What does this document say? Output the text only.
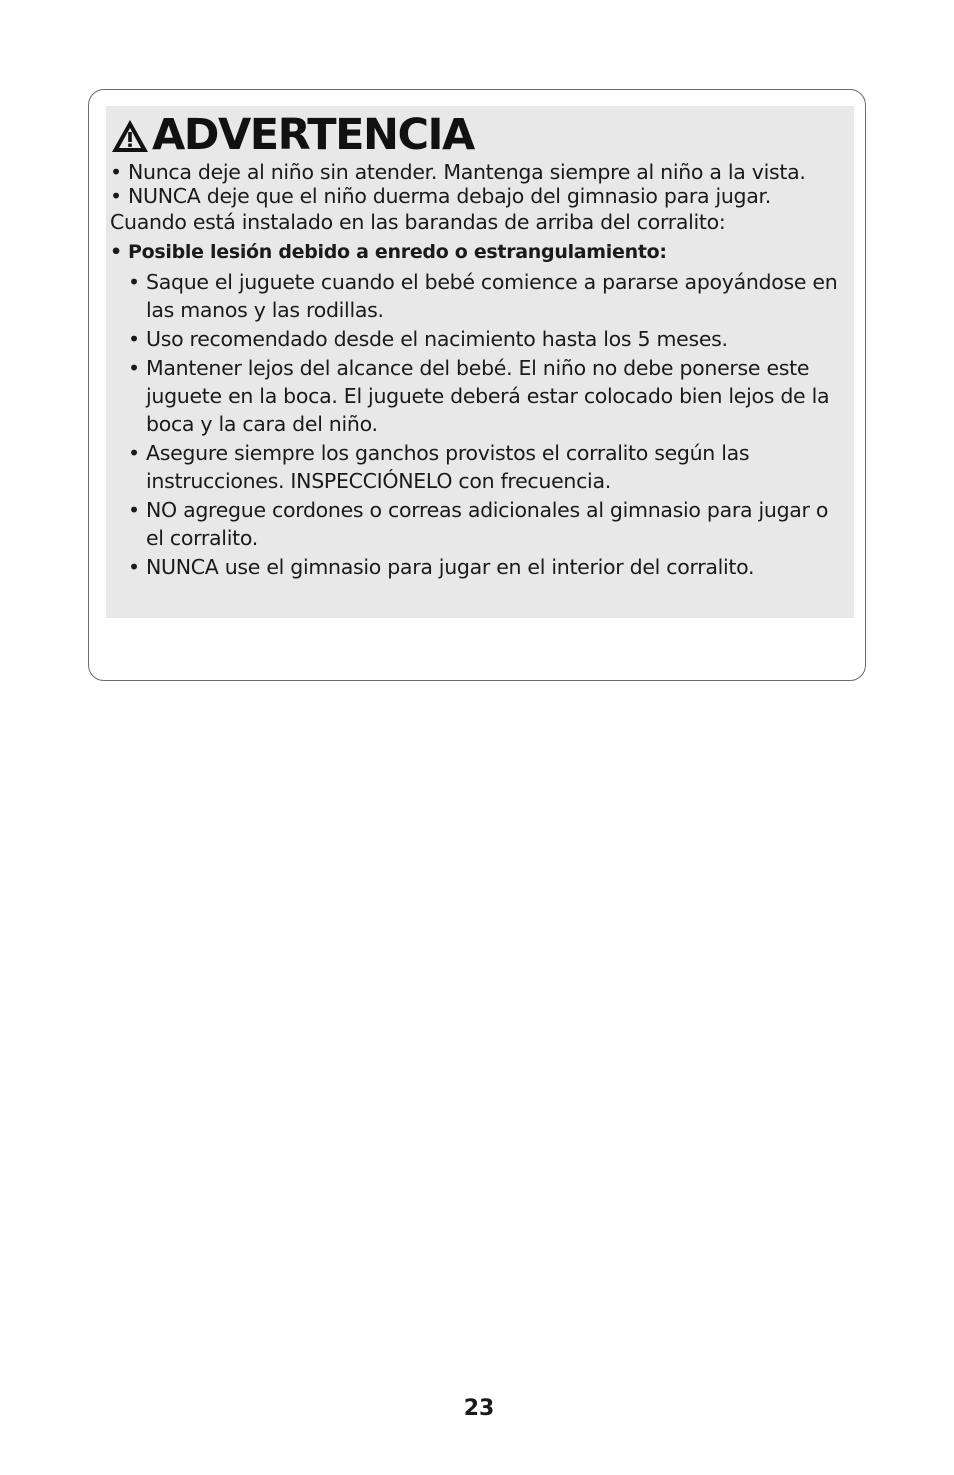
ADVERTENCIA

• Nunca deje al niño sin atender. Mantenga siempre al niño a la vista.

• NUNCA deje que el niño duerma debajo del gimnasio para jugar.

Cuando está instalado en las barandas de arriba del corralito:

• Posible lesión debido a enredo o estrangulamiento:

• Saque el juguete cuando el bebé comience a pararse apoyándose en las manos y las rodillas.

• Uso recomendado desde el nacimiento hasta los 5 meses.

• Mantener lejos del alcance del bebé. El niño no debe ponerse este juguete en la boca. El juguete deberá estar colocado bien lejos de la boca y la cara del niño.

• Asegure siempre los ganchos provistos el corralito según las instrucciones. INSPECCIÓNELO con frecuencia.

• NO agregue cordones o correas adicionales al gimnasio para jugar o el corralito.

• NUNCA use el gimnasio para jugar en el interior del corralito.

23
